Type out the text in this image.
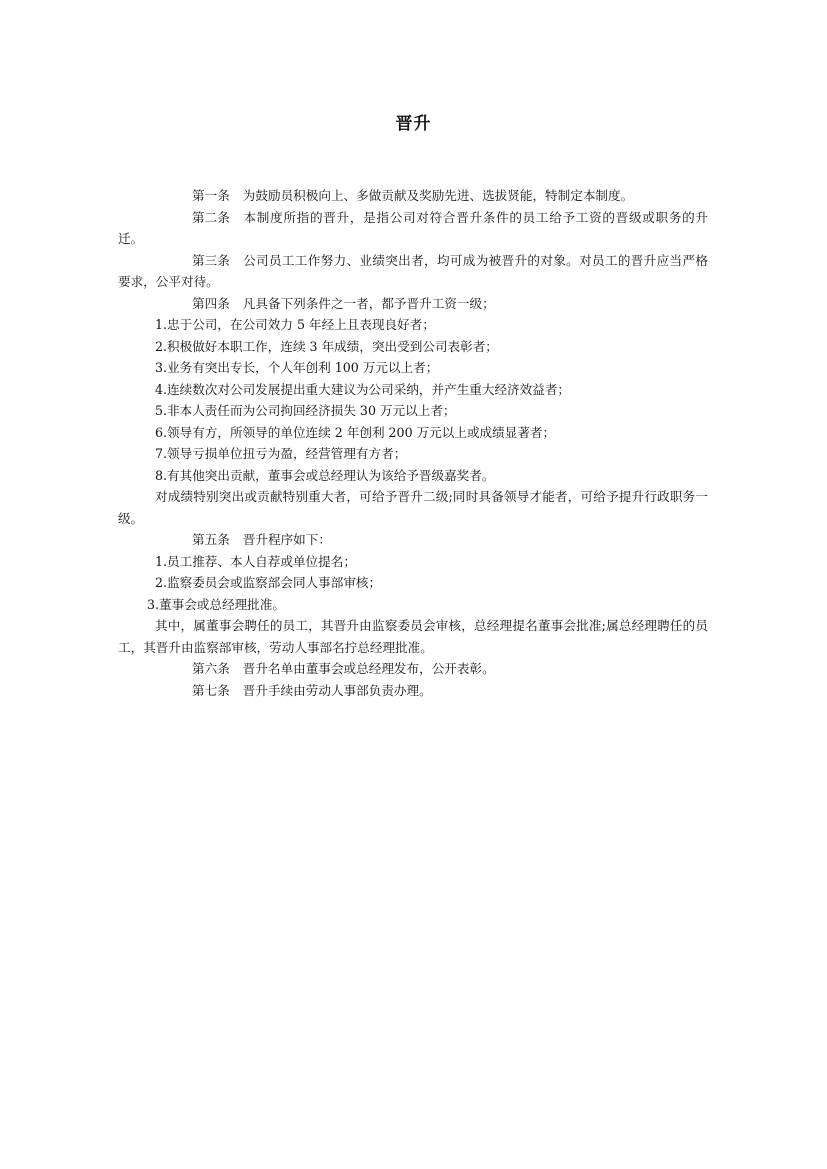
晋升

第一条 为鼓励员积极向上、多做贡献及奖励先进、选拔贤能，特制定本制度。

第二条 本制度所指的晋升，是指公司对符合晋升条件的员工给予工资的晋级或职务的升迁。

第三条 公司员工工作努力、业绩突出者，均可成为被晋升的对象。对员工的晋升应当严格要求，公平对待。

第四条 凡具备下列条件之一者，都予晋升工资一级；

1.忠于公司，在公司效力 5 年经上且表现良好者；

2.积极做好本职工作，连续 3 年成绩，突出受到公司表彰者；

3.业务有突出专长，个人年创利 100 万元以上者；

4.连续数次对公司发展提出重大建议为公司采纳，并产生重大经济效益者；

5.非本人责任而为公司拘回经济损失 30 万元以上者；

6.领导有方，所领导的单位连续 2 年创利 200 万元以上或成绩显著者；

7.领导亏损单位扭亏为盈，经营管理有方者；

8.有其他突出贡献，董事会或总经理认为该给予晋级嘉奖者。

对成绩特别突出或贡献特别重大者，可给予晋升二级;同时具备领导才能者，可给予提升行政职务一级。

第五条 晋升程序如下：

1.员工推荐、本人自荐或单位提名；

2.监察委员会或监察部会同人事部审核；

3.董事会或总经理批准。

其中，属董事会聘任的员工，其晋升由监察委员会审核，总经理提名董事会批准;属总经理聘任的员工，其晋升由监察部审核，劳动人事部名拧总经理批准。

第六条 晋升名单由董事会或总经理发布，公开表彰。

第七条 晋升手续由劳动人事部负责办理。
